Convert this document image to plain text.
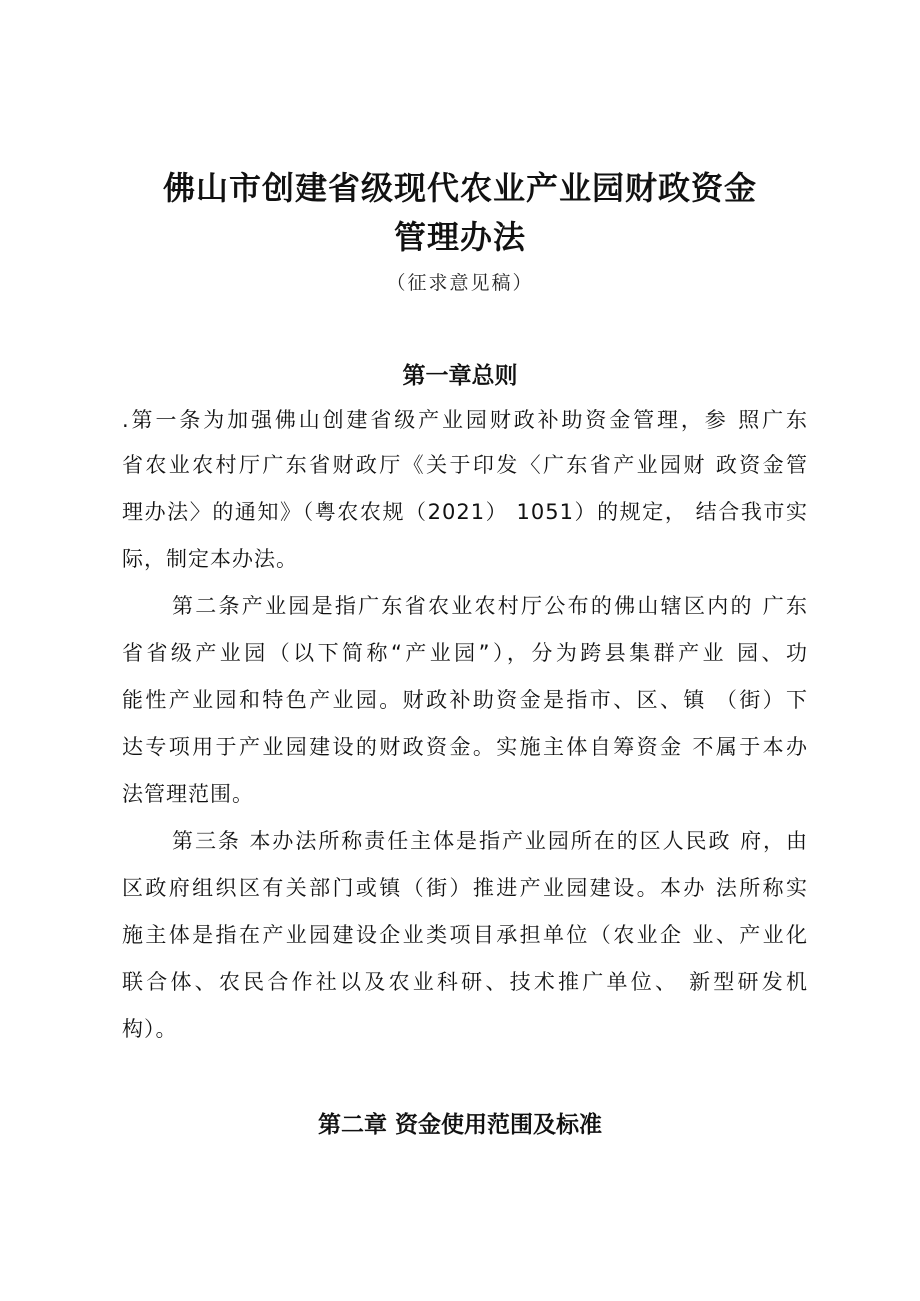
佛山市创建省级现代农业产业园财政资金
管理办法
（征求意见稿）
第一章总则
.第一条为加强佛山创建省级产业园财政补助资金管理，参 照广东
省农业农村厅广东省财政厅《关于印发〈广东省产业园财 政资金管
理办法〉的通知》（粤农农规（2021） 1051）的规定， 结合我市实
际，制定本办法。
第二条产业园是指广东省农业农村厅公布的佛山辖区内的 广东
省省级产业园（以下简称“产业园”），分为跨县集群产业 园、功
能性产业园和特色产业园。财政补助资金是指市、区、镇 （街）下
达专项用于产业园建设的财政资金。实施主体自筹资金 不属于本办
法管理范围。
第三条 本办法所称责任主体是指产业园所在的区人民政 府，由
区政府组织区有关部门或镇（街）推进产业园建设。本办 法所称实
施主体是指在产业园建设企业类项目承担单位（农业企 业、产业化
联合体、农民合作社以及农业科研、技术推广单位、 新型研发机
构）。
第二章 资金使用范围及标准
